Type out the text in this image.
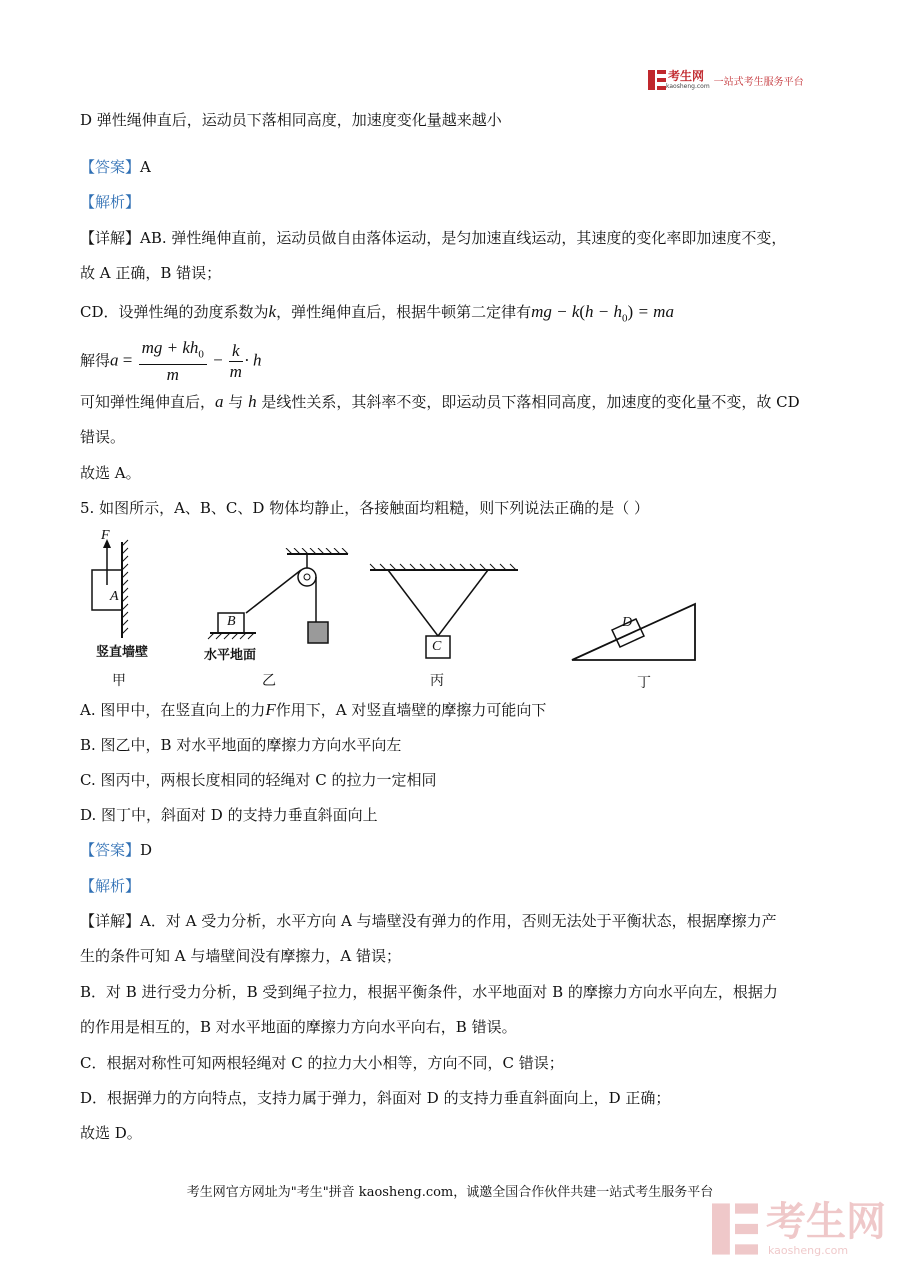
考生网
kaosheng.com 一站式考生服务平台
D 弹性绳伸直后，运动员下落相同高度，加速度变化量越来越小
【答案】A
【解析】
【详解】AB. 弹性绳伸直前，运动员做自由落体运动，是匀加速直线运动，其速度的变化率即加速度不变，
故 A 正确，B 错误；
CD．设弹性绳的劲度系数为k，弹性绳伸直后，根据牛顿第二定律有mg − $k(h - h_0)$ = ma
解得$a = \frac{mg + kh_0}{m} - \frac{k}{m} \cdot h$
可知弹性绳伸直后，a 与 h 是线性关系，其斜率不变，即运动员下落相同高度，加速度的变化量不变，故 CD
错误。
故选 A。
5. 如图所示，A、B、C、D 物体均静止，各接触面均粗糙，则下列说法正确的是（ ）
F
A
竖直墙壁
甲
B
水平地面
乙
C
丙
D
丁
A. 图甲中，在竖直向上的力F作用下，A 对竖直墙壁的摩擦力可能向下
B. 图乙中，B 对水平地面的摩擦力方向水平向左
C. 图丙中，两根长度相同的轻绳对 C 的拉力一定相同
D. 图丁中，斜面对 D 的支持力垂直斜面向上
【答案】D
【解析】
【详解】A．对 A 受力分析，水平方向 A 与墙壁没有弹力的作用，否则无法处于平衡状态，根据摩擦力产
生的条件可知 A 与墙壁间没有摩擦力，A 错误；
B．对 B 进行受力分析，B 受到绳子拉力，根据平衡条件，水平地面对 B 的摩擦力方向水平向左，根据力
的作用是相互的，B 对水平地面的摩擦力方向水平向右，B 错误。
C．根据对称性可知两根轻绳对 C 的拉力大小相等，方向不同，C 错误；
D．根据弹力的方向特点，支持力属于弹力，斜面对 D 的支持力垂直斜面向上，D 正确；
故选 D。
考生网官方网址为"考生"拼音 kaosheng.com，诚邀全国合作伙伴共建一站式考生服务平台
考生网
kaosheng.com
